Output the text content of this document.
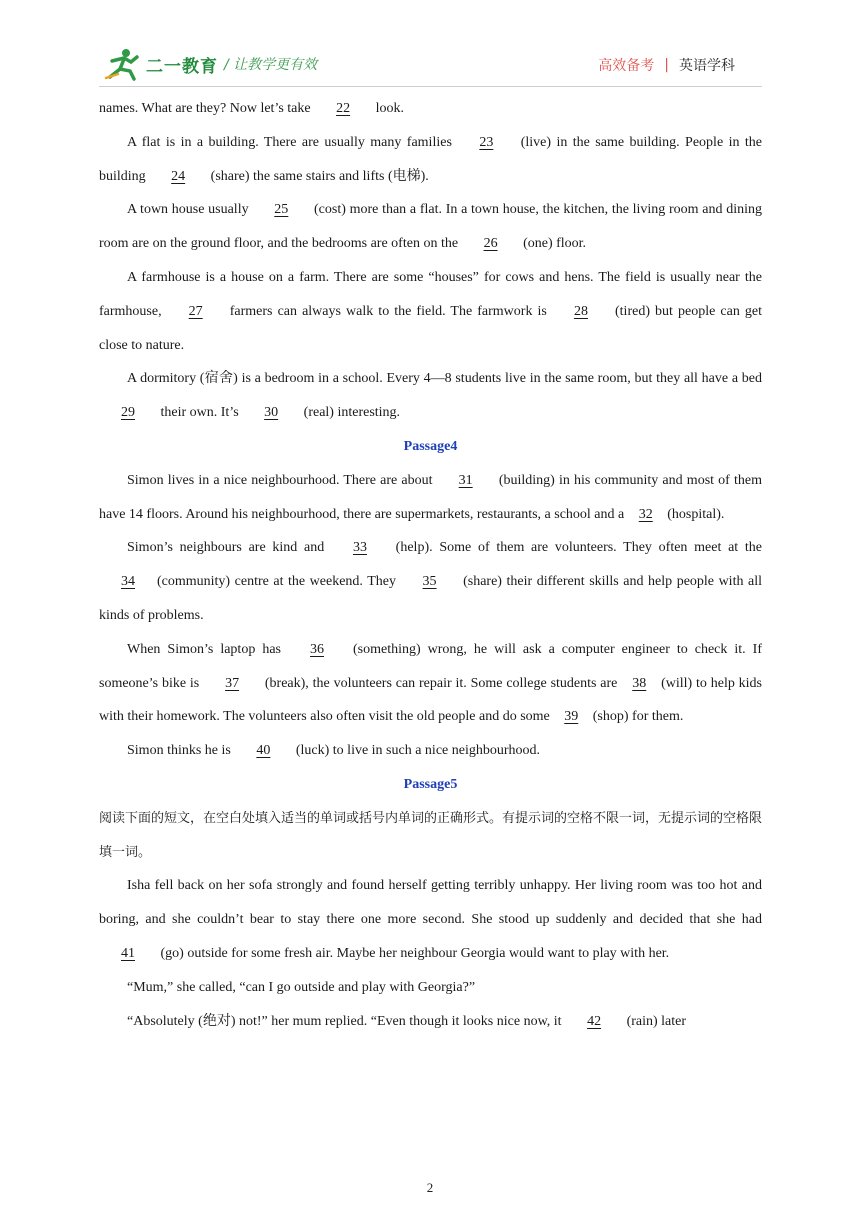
二一教育 / 让教学更有效	高效备考 | 英语学科

names. What are they? Now let’s take 22 look.

A flat is in a building. There are usually many families 23 (live) in the same building. People in the building 24 (share) the same stairs and lifts (电梯).

A town house usually 25 (cost) more than a flat. In a town house, the kitchen, the living room and dining room are on the ground floor, and the bedrooms are often on the 26 (one) floor.

A farmhouse is a house on a farm. There are some “houses” for cows and hens. The field is usually near the farmhouse, 27 farmers can always walk to the field. The farmwork is 28 (tired) but people can get close to nature.

A dormitory (宿舍) is a bedroom in a school. Every 4—8 students live in the same room, but they all have a bed 29 their own. It’s 30 (real) interesting.

Passage4

Simon lives in a nice neighbourhood. There are about 31 (building) in his community and most of them have 14 floors. Around his neighbourhood, there are supermarkets, restaurants, a school and a 32 (hospital).

Simon’s neighbours are kind and 33 (help). Some of them are volunteers. They often meet at the 34 (community) centre at the weekend. They 35 (share) their different skills and help people with all kinds of problems.

When Simon’s laptop has 36 (something) wrong, he will ask a computer engineer to check it. If someone’s bike is 37 (break), the volunteers can repair it. Some college students are 38 (will) to help kids with their homework. The volunteers also often visit the old people and do some 39 (shop) for them.

Simon thinks he is 40 (luck) to live in such a nice neighbourhood.

Passage5

阅读下面的短文，在空白处填入适当的单词或括号内单词的正确形式。有提示词的空格不限一词，无提示词的空格限填一词。

Isha fell back on her sofa strongly and found herself getting terribly unhappy. Her living room was too hot and boring, and she couldn’t bear to stay there one more second. She stood up suddenly and decided that she had 41 (go) outside for some fresh air. Maybe her neighbour Georgia would want to play with her.

“Mum,” she called, “can I go outside and play with Georgia?”

“Absolutely (绝对) not!” her mum replied. “Even though it looks nice now, it 42 (rain) later

2
